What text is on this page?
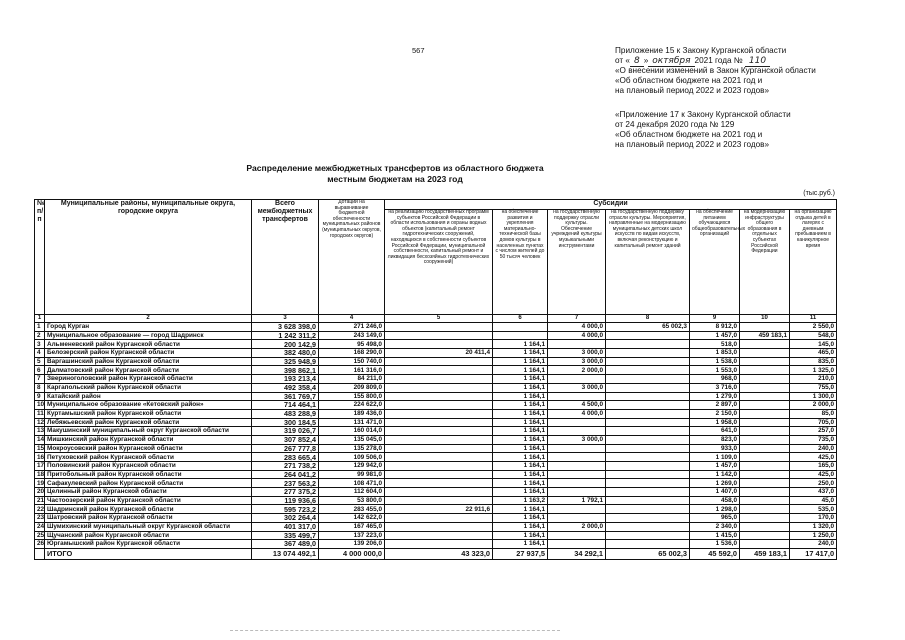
567	Приложение 15 к Закону Курганской области
от « 8 » октября 2021 года № 110
«О внесении изменений в Закон Курганской области
«Об областном бюджете на 2021 год и
на плановый период 2022 и 2023 годов»
«Приложение 17 к Закону Курганской области
от 24 декабря 2020 года № 129
«Об областном бюджете на 2021 год и
на плановый период 2022 и 2023 годов»
Распределение межбюджетных трансфертов из областного бюджета
местным бюджетам на 2023 год
(тыс.руб.)
№ п/п	Муниципальные районы, муниципальные округа, городские округа	Всего межбюджетных трансфертов	Дотации на выравнивание бюджетной обеспеченности муниципальных районов (муниципальных округов, городских округов)	Субсидии						
				на реализацию государственных программ субъектов Российской Федерации в области использования и охраны водных объектов (капитальный ремонт гидротехнических сооружений, находящихся в собственности субъектов Российской Федерации, муниципальной собственности, капитальный ремонт и ликвидация бесхозяйных гидротехнических сооружений)	на обеспечение развития и укрепления материально-технической базы домов культуры в населенных пунктах с числом жителей до 50 тысяч человек	на государственную поддержку отрасли культуры. Обеспечение учреждений культуры музыкальными инструментами	на государственную поддержку отрасли культуры. Мероприятия, направленные на модернизацию муниципальных детских школ искусств по видам искусств, включая реконструкцию и капитальный ремонт зданий	на обеспечение питанием обучающихся общеобразовательных организаций	на модернизацию инфраструктуры общего образования в отдельных субъектах Российской Федерации	на организацию отдыха детей в лагерях с дневным пребыванием в каникулярное время
1	2	3	4	5	6	7	8	9	10	11
1	Город Курган	3 628 398,0	271 246,0			4 000,0	65 002,3	8 912,0		2 550,0
2	Муниципальное образование — город Шадринск	1 242 311,2	243 149,0			4 000,0		1 457,0	459 183,1	548,0
3	Альменевский район Курганской области	200 142,9	95 498,0		1 164,1			518,0		145,0
4	Белозерский район Курганской области	382 480,0	168 290,0	20 411,4	1 164,1	3 000,0		1 853,0		465,0
5	Варгашинский район Курганской области	325 948,9	150 740,0		1 164,1	3 000,0		1 538,0		835,0
6	Далматовский район Курганской области	398 862,1	161 316,0		1 164,1	2 000,0		1 553,0		1 325,0
7	Звериноголовский район Курганской области	193 213,4	84 211,0		1 164,1			968,0		210,0
8	Каргапольский район Курганской области	492 358,4	209 809,0		1 164,1	3 000,0		3 716,0		755,0
9	Катайский район	361 769,7	155 800,0		1 164,1			1 279,0		1 300,0
10	Муниципальное образование «Кетовский район»	714 464,1	224 622,0		1 164,1	4 500,0		2 897,0		2 000,0
11	Куртамышский район Курганской области	483 288,9	189 436,0		1 164,1	4 000,0		2 150,0		85,0
12	Лебяжьевский район Курганской области	300 184,5	131 471,0		1 164,1			1 958,0		705,0
13	Макушинский муниципальный округ Курганской области	319 026,7	160 014,0		1 164,1			641,0		257,0
14	Мишкинский район Курганской области	307 852,4	135 045,0		1 164,1	3 000,0		823,0		735,0
15	Мокроусовский район Курганской области	267 777,8	135 278,0		1 164,1			933,0		240,0
16	Петуховский район Курганской области	283 665,4	109 506,0		1 164,1			1 109,0		425,0
17	Половинский район Курганской области	271 738,2	129 942,0		1 164,1			1 457,0		165,0
18	Притобольный район Курганской области	264 041,2	99 981,0		1 164,1			1 142,0		425,0
19	Сафакулевский район Курганской области	237 563,2	108 471,0		1 164,1			1 269,0		250,0
20	Целинный район Курганской области	277 375,2	112 604,0		1 164,1			1 407,0		437,0
21	Частоозерский район Курганской области	119 936,6	53 800,0		1 163,2	1 792,1		458,0		45,0
22	Шадринский район Курганской области	595 723,2	283 455,0	22 911,6	1 164,1			1 298,0		535,0
23	Шатровский район Курганской области	302 264,4	142 622,0		1 164,1			965,0		170,0
24	Шумихинский муниципальный округ Курганской области	401 317,0	167 465,0		1 164,1	2 000,0		2 340,0		1 320,0
25	Щучанский район Курганской области	335 499,7	137 223,0		1 164,1			1 415,0		1 250,0
26	Юргамышский район Курганской области	367 489,0	139 206,0		1 164,1			1 536,0		240,0
	ИТОГО	13 074 492,1	4 000 000,0	43 323,0	27 937,5	34 292,1	65 002,3	45 592,0	459 183,1	17 417,0
